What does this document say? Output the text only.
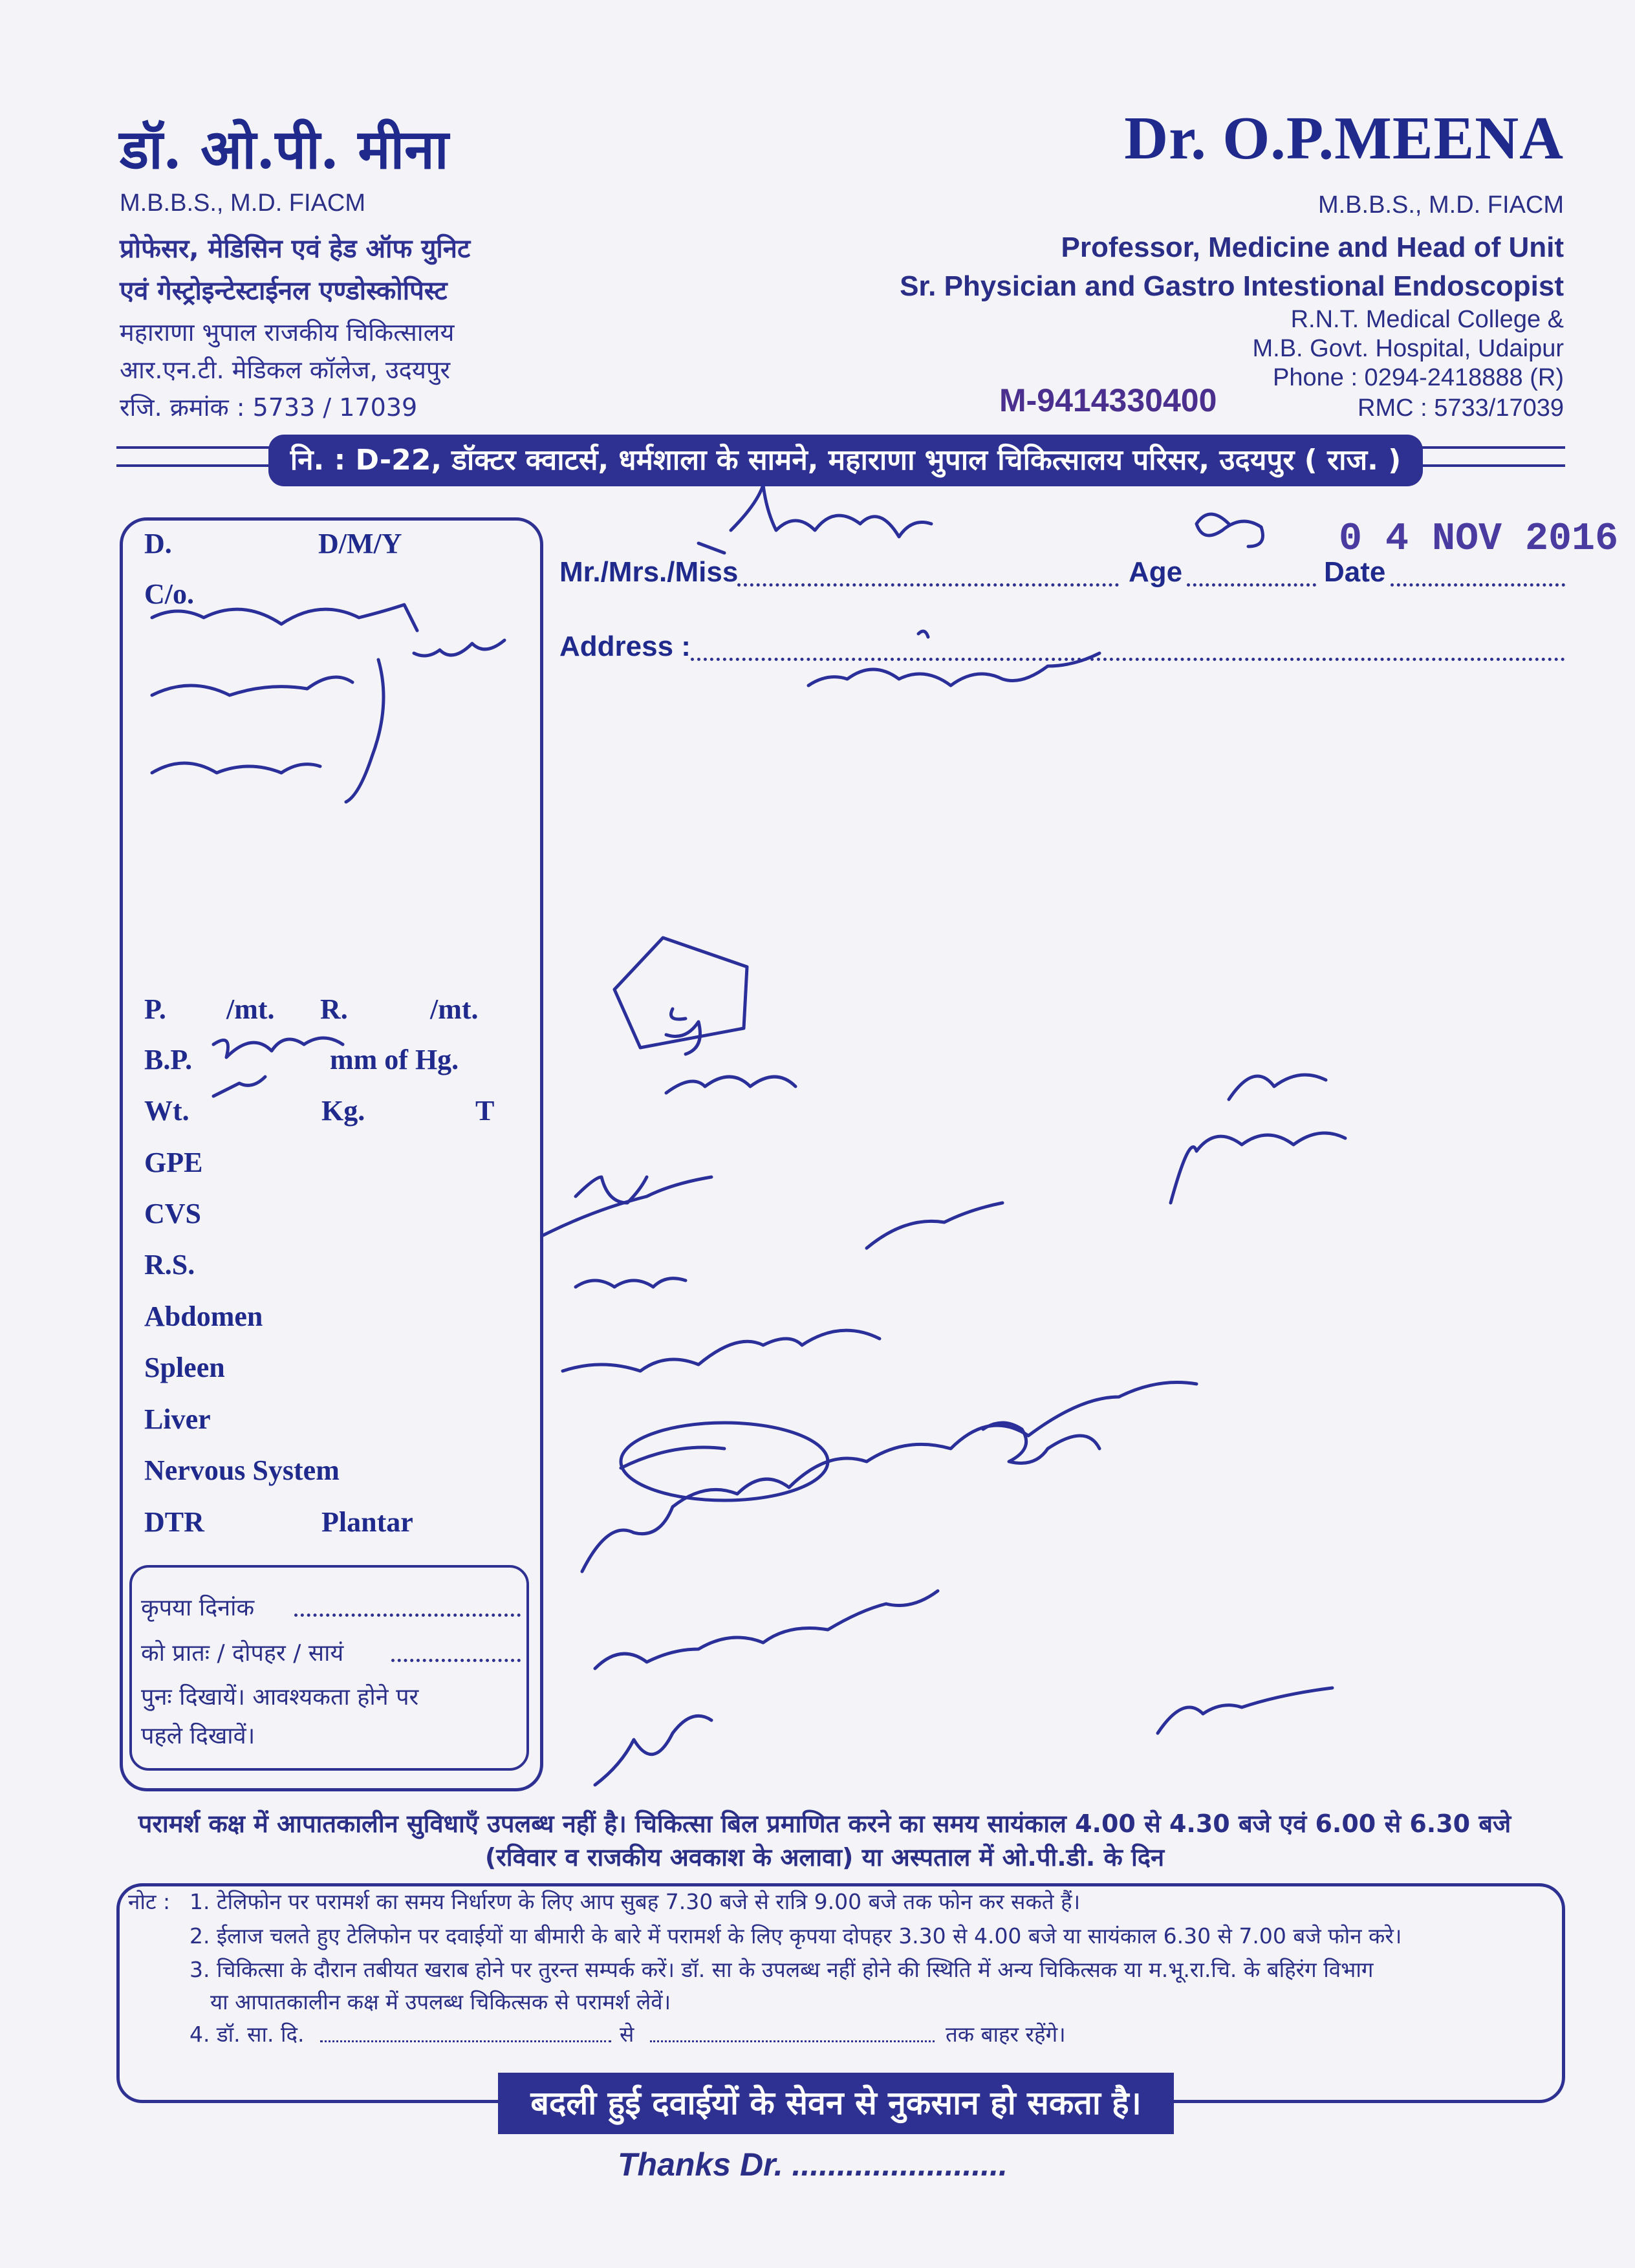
डॉ. ओ.पी. मीना
M.B.B.S., M.D. FIACM
प्रोफेसर, मेडिसिन एवं हेड ऑफ युनिट
एवं गेस्ट्रोइन्टेस्टाईनल एण्डोस्कोपिस्ट
महाराणा भुपाल राजकीय चिकित्सालय
आर.एन.टी. मेडिकल कॉलेज, उदयपुर
रजि. क्रमांक : 5733 / 17039
Dr. O.P.MEENA
M.B.B.S., M.D. FIACM
Professor, Medicine and Head of Unit
Sr. Physician and Gastro Intestional Endoscopist
R.N.T. Medical College &
M.B. Govt. Hospital, Udaipur
Phone : 0294-2418888 (R)
RMC : 5733/17039
M-9414330400
नि. : D-22, डॉक्टर क्वाटर्स, धर्मशाला के सामने, महाराणा भुपाल चिकित्सालय परिसर, उदयपुर ( राज. )
D.	D/M/Y
C/o.
P. /mt. R.	/mt.
B.P.	mm of Hg.
Wt.	Kg.	T
GPE
CVS
R.S.
Abdomen
Spleen
Liver
Nervous System
DTR	Plantar
कृपया दिनांक
को प्रातः / दोपहर / सायं
पुनः दिखायें। आवश्यकता होने पर
पहले दिखावें।
Mr./Mrs./Miss	Age	Date
Address :
0 4 NOV 2016
परामर्श कक्ष में आपातकालीन सुविधाएँ उपलब्ध नहीं है। चिकित्सा बिल प्रमाणित करने का समय सायंकाल 4.00 से 4.30 बजे एवं 6.00 से 6.30 बजे
(रविवार व राजकीय अवकाश के अलावा) या अस्पताल में ओ.पी.डी. के दिन
नोट : 1. टेलिफोन पर परामर्श का समय निर्धारण के लिए आप सुबह 7.30 बजे से रात्रि 9.00 बजे तक फोन कर सकते हैं।
2. ईलाज चलते हुए टेलिफोन पर दवाईयों या बीमारी के बारे में परामर्श के लिए कृपया दोपहर 3.30 से 4.00 बजे या सायंकाल 6.30 से 7.00 बजे फोन करे।
3. चिकित्सा के दौरान तबीयत खराब होने पर तुरन्त सम्पर्क करें। डॉ. सा के उपलब्ध नहीं होने की स्थिति में अन्य चिकित्सक या म.भू.रा.चि. के बहिरंग विभाग
या आपातकालीन कक्ष में उपलब्ध चिकित्सक से परामर्श लेवें।
4. डॉ. सा. दि.	से	तक बाहर रहेंगे।
बदली हुई दवाईयों के सेवन से नुकसान हो सकता है।
Thanks Dr. ........................
